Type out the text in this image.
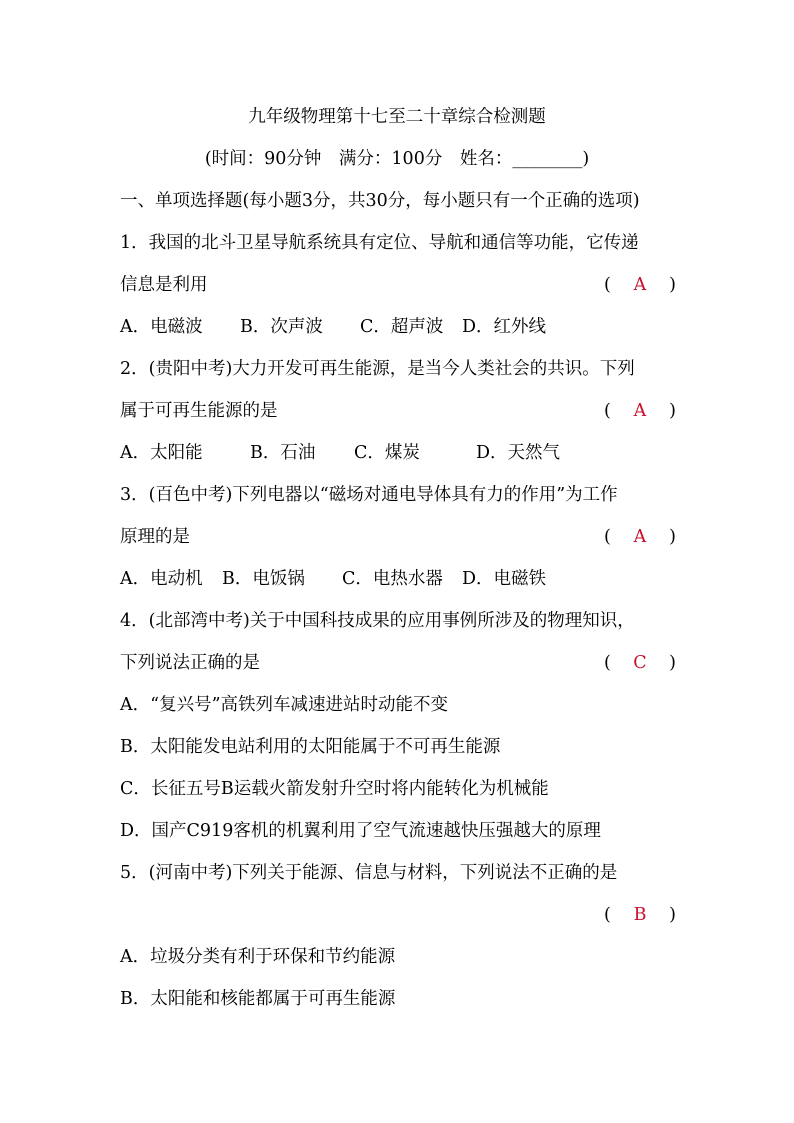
九年级物理第十七至二十章综合检测题
(时间：90分钟　满分：100分　姓名：________)
一、单项选择题(每小题3分，共30分，每小题只有一个正确的选项)
1．我国的北斗卫星导航系统具有定位、导航和通信等功能，它传递
信息是利用	( A )
A．电磁波 B．次声波 C．超声波 D．红外线
2．(贵阳中考)大力开发可再生能源，是当今人类社会的共识。下列
属于可再生能源的是	( A )
A．太阳能	B．石油 C．煤炭	D．天然气
3．(百色中考)下列电器以“磁场对通电导体具有力的作用”为工作
原理的是	( A )
A．电动机 B．电饭锅 C．电热水器 D．电磁铁
4．(北部湾中考)关于中国科技成果的应用事例所涉及的物理知识，
下列说法正确的是	( C )
A．“复兴号”高铁列车减速进站时动能不变
B．太阳能发电站利用的太阳能属于不可再生能源
C．长征五号B运载火箭发射升空时将内能转化为机械能
D．国产C919客机的机翼利用了空气流速越快压强越大的原理
5．(河南中考)下列关于能源、信息与材料，下列说法不正确的是
( B )
A．垃圾分类有利于环保和节约能源
B．太阳能和核能都属于可再生能源
